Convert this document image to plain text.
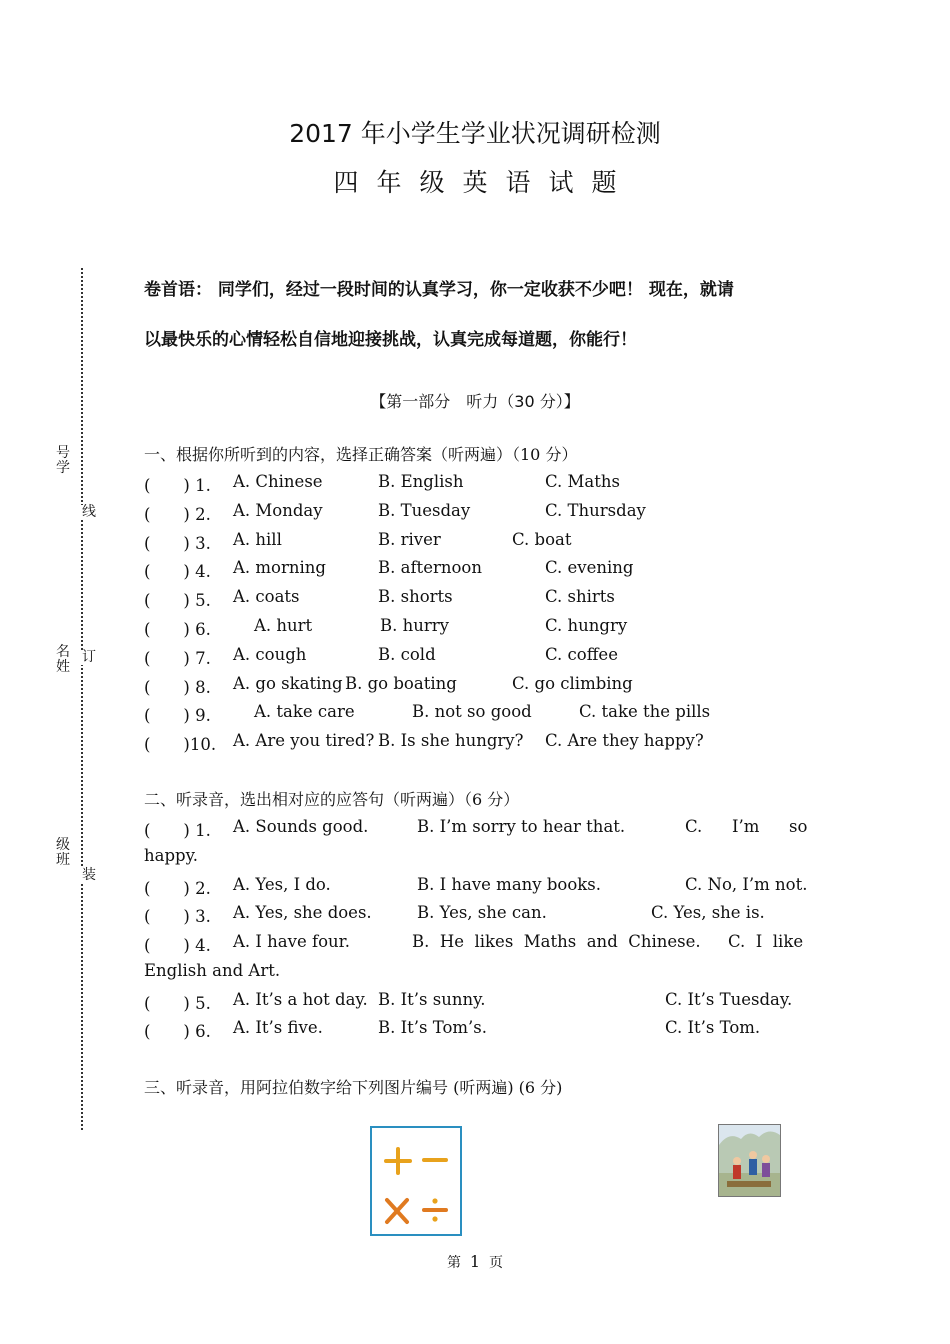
2017 年小学生学业状况调研检测
四年级英语试题
号学
线
名姓
订
级班
装
卷首语： 同学们，经过一段时间的认真学习，你一定收获不少吧！ 现在，就请
以最快乐的心情轻松自信地迎接挑战，认真完成每道题，你能行！
【第一部分　听力（30 分）】
一、根据你所听到的内容，选择正确答案（听两遍）（10 分）
(　　) 1. A. Chinese	B. English	C. Maths
(　　) 2. A. Monday	B. Tuesday	C. Thursday
(　　) 3. A. hill	B. river	C. boat
(　　) 4. A. morning	B. afternoon	C. evening
(　　) 5. A. coats	B. shorts	C. shirts
(　　) 6.	A. hurt	B. hurry	C. hungry
(　　) 7. A. cough	B. cold	C. coffee
(　　) 8. A. go skating B. go boating	C. go climbing
(　　) 9.	A. take care	B. not so good	C. take the pills
(　　)10. A. Are you tired? B. Is she hungry? C. Are they happy?
二、听录音，选出相对应的应答句（听两遍）（6 分）
(　　) 1. A. Sounds good.	B. I’m sorry to hear that.	C. I’m so
happy.
(　　) 2. A. Yes, I do.	B. I have many books.	C. No, I’m not.
(　　) 3. A. Yes, she does.	B. Yes, she can.	C. Yes, she is.
(　　) 4. A. I have four.	B.  He  likes  Maths  and  Chinese. C.  I  like
English and Art.
(　　) 5. A. It’s a hot day. B. It’s sunny.	C. It’s Tuesday.
(　　) 6. A. It’s five.	B. It’s Tom’s.	C. It’s Tom.
三、听录音，用阿拉伯数字给下列图片编号 (听两遍) (6 分)
第 1 页
